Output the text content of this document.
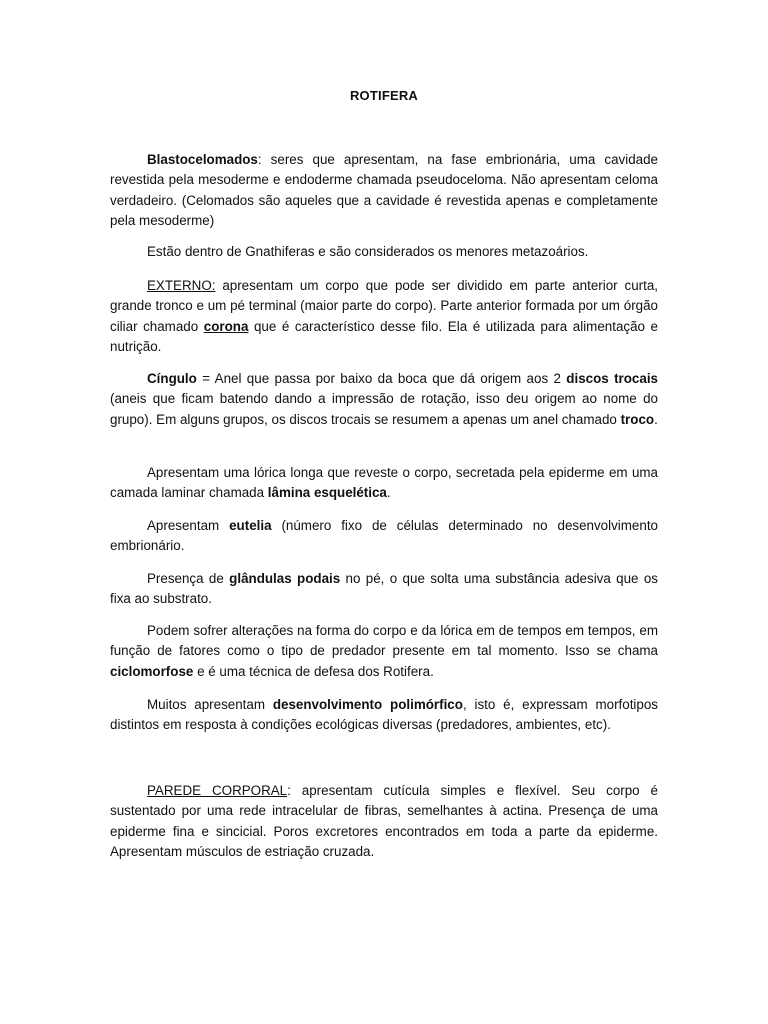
ROTIFERA

Blastocelomados: seres que apresentam, na fase embrionária, uma cavidade revestida pela mesoderme e endoderme chamada pseudoceloma. Não apresentam celoma verdadeiro. (Celomados são aqueles que a cavidade é revestida apenas e completamente pela mesoderme)

Estão dentro de Gnathiferas e são considerados os menores metazoários.

EXTERNO: apresentam um corpo que pode ser dividido em parte anterior curta, grande tronco e um pé terminal (maior parte do corpo). Parte anterior formada por um órgão ciliar chamado corona que é característico desse filo. Ela é utilizada para alimentação e nutrição.

Cíngulo = Anel que passa por baixo da boca que dá origem aos 2 discos trocais (aneis que ficam batendo dando a impressão de rotação, isso deu origem ao nome do grupo). Em alguns grupos, os discos trocais se resumem a apenas um anel chamado troco.

Apresentam uma lórica longa que reveste o corpo, secretada pela epiderme em uma camada laminar chamada lâmina esquelética.

Apresentam eutelia (número fixo de células determinado no desenvolvimento embrionário.

Presença de glândulas podais no pé, o que solta uma substância adesiva que os fixa ao substrato.

Podem sofrer alterações na forma do corpo e da lórica em de tempos em tempos, em função de fatores como o tipo de predador presente em tal momento. Isso se chama ciclomorfose e é uma técnica de defesa dos Rotifera.

Muitos apresentam desenvolvimento polimórfico, isto é, expressam morfotipos distintos em resposta à condições ecológicas diversas (predadores, ambientes, etc).

PAREDE CORPORAL: apresentam cutícula simples e flexível. Seu corpo é sustentado por uma rede intracelular de fibras, semelhantes à actina. Presença de uma epiderme fina e sincicial. Poros excretores encontrados em toda a parte da epiderme. Apresentam músculos de estriação cruzada.
